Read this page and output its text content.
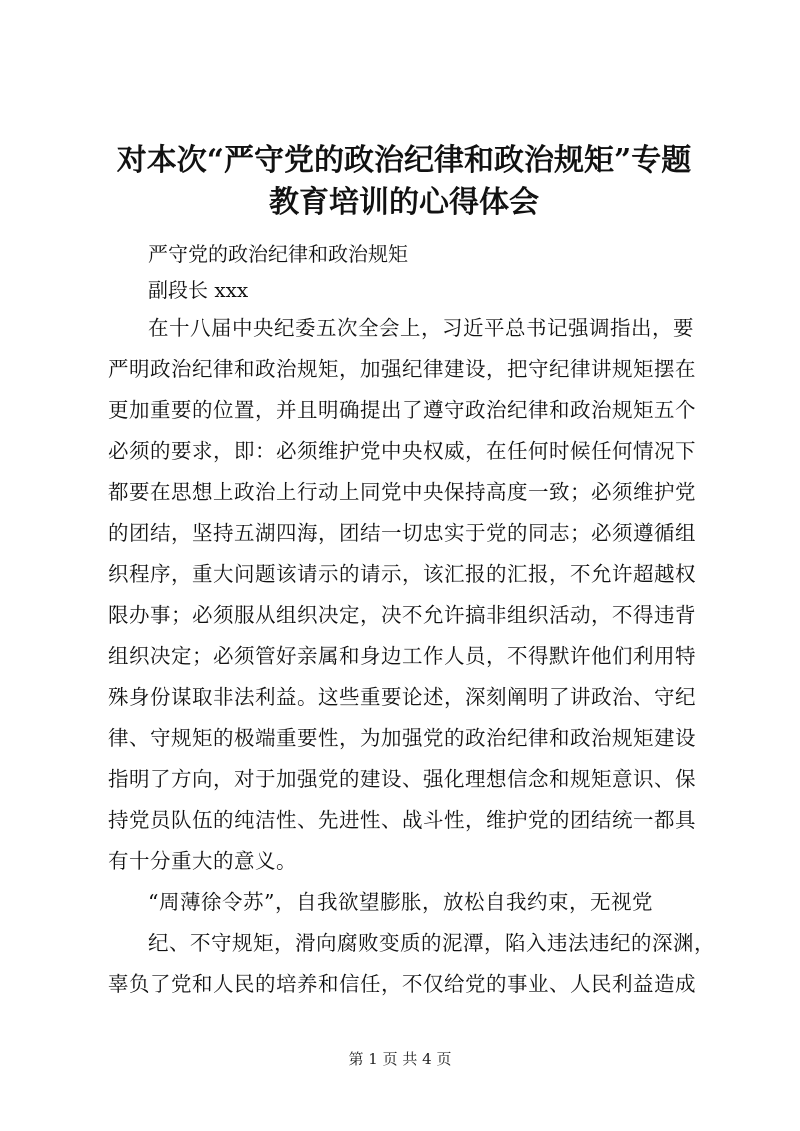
对本次“严守党的政治纪律和政治规矩”专题
教育培训的心得体会

严守党的政治纪律和政治规矩

副段长 xxx

在十八届中央纪委五次全会上，习近平总书记强调指出，要
严明政治纪律和政治规矩，加强纪律建设，把守纪律讲规矩摆在
更加重要的位置，并且明确提出了遵守政治纪律和政治规矩五个
必须的要求，即：必须维护党中央权威，在任何时候任何情况下
都要在思想上政治上行动上同党中央保持高度一致；必须维护党
的团结，坚持五湖四海，团结一切忠实于党的同志；必须遵循组
织程序，重大问题该请示的请示，该汇报的汇报，不允许超越权
限办事；必须服从组织决定，决不允许搞非组织活动，不得违背
组织决定；必须管好亲属和身边工作人员，不得默许他们利用特
殊身份谋取非法利益。这些重要论述，深刻阐明了讲政治、守纪
律、守规矩的极端重要性，为加强党的政治纪律和政治规矩建设
指明了方向，对于加强党的建设、强化理想信念和规矩意识、保
持党员队伍的纯洁性、先进性、战斗性，维护党的团结统一都具
有十分重大的意义。
“周薄徐令苏”，自我欲望膨胀，放松自我约束，无视党
纪、不守规矩，滑向腐败变质的泥潭，陷入违法违纪的深渊，
辜负了党和人民的培养和信任，不仅给党的事业、人民利益造成
第 1 页 共 4 页
